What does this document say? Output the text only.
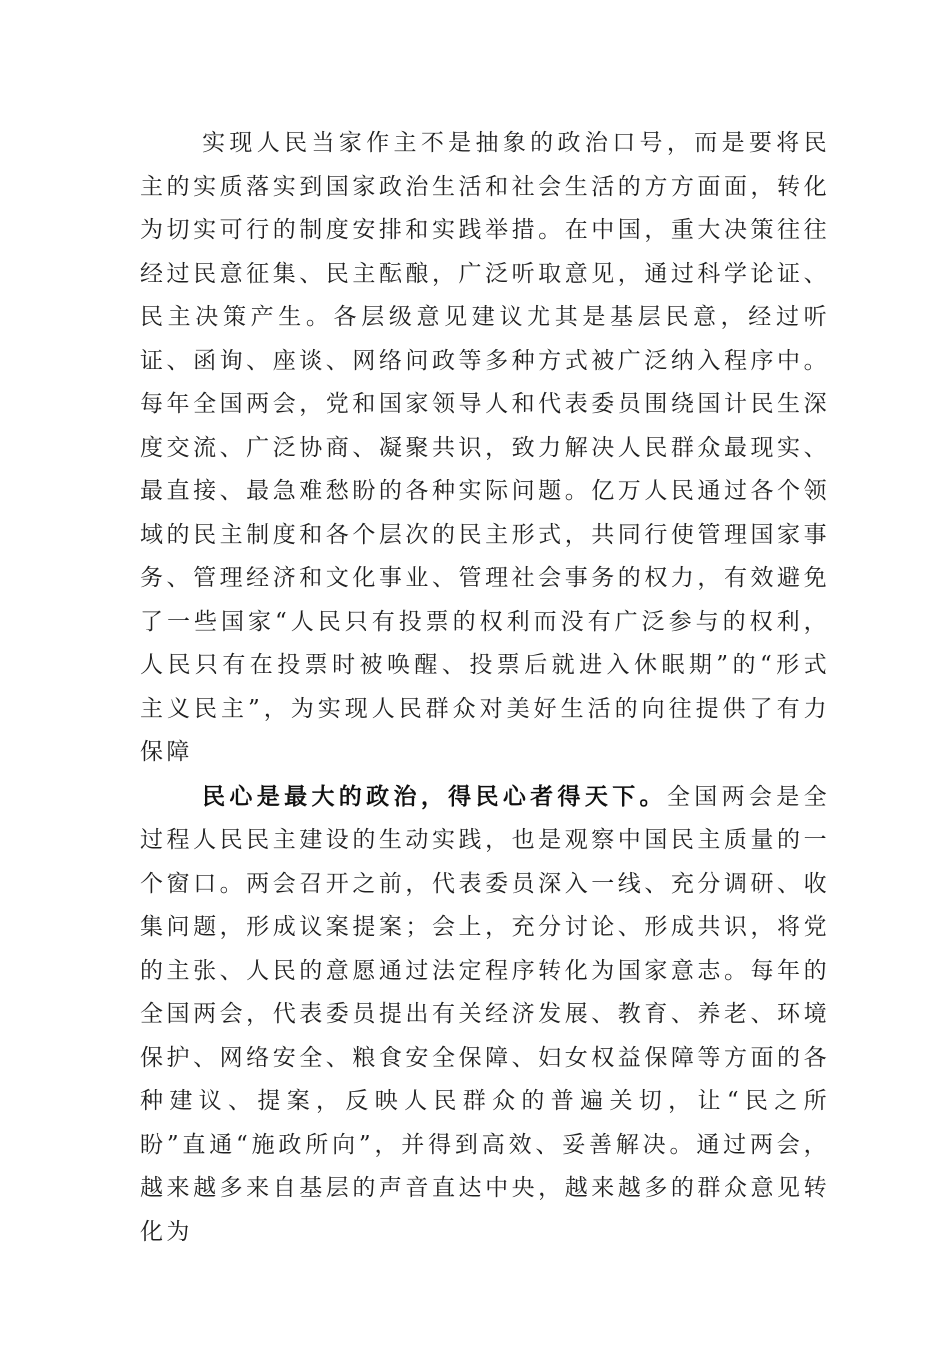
实现人民当家作主不是抽象的政治口号，而是要将民主的实质落实到国家政治生活和社会生活的方方面面，转化为切实可行的制度安排和实践举措。在中国，重大决策往往经过民意征集、民主酝酿，广泛听取意见，通过科学论证、民主决策产生。各层级意见建议尤其是基层民意，经过听证、函询、座谈、网络问政等多种方式被广泛纳入程序中。每年全国两会，党和国家领导人和代表委员围绕国计民生深度交流、广泛协商、凝聚共识，致力解决人民群众最现实、最直接、最急难愁盼的各种实际问题。亿万人民通过各个领域的民主制度和各个层次的民主形式，共同行使管理国家事务、管理经济和文化事业、管理社会事务的权力，有效避免了一些国家“人民只有投票的权利而没有广泛参与的权利，人民只有在投票时被唤醒、投票后就进入休眠期”的“形式主义民主”，为实现人民群众对美好生活的向往提供了有力保障

民心是最大的政治，得民心者得天下。全国两会是全过程人民民主建设的生动实践，也是观察中国民主质量的一个窗口。两会召开之前，代表委员深入一线、充分调研、收集问题，形成议案提案；会上，充分讨论、形成共识，将党的主张、人民的意愿通过法定程序转化为国家意志。每年的全国两会，代表委员提出有关经济发展、教育、养老、环境保护、网络安全、粮食安全保障、妇女权益保障等方面的各种建议、提案，反映人民群众的普遍关切，让“民之所盼”直通“施政所向”，并得到高效、妥善解决。通过两会，越来越多来自基层的声音直达中央，越来越多的群众意见转化为
